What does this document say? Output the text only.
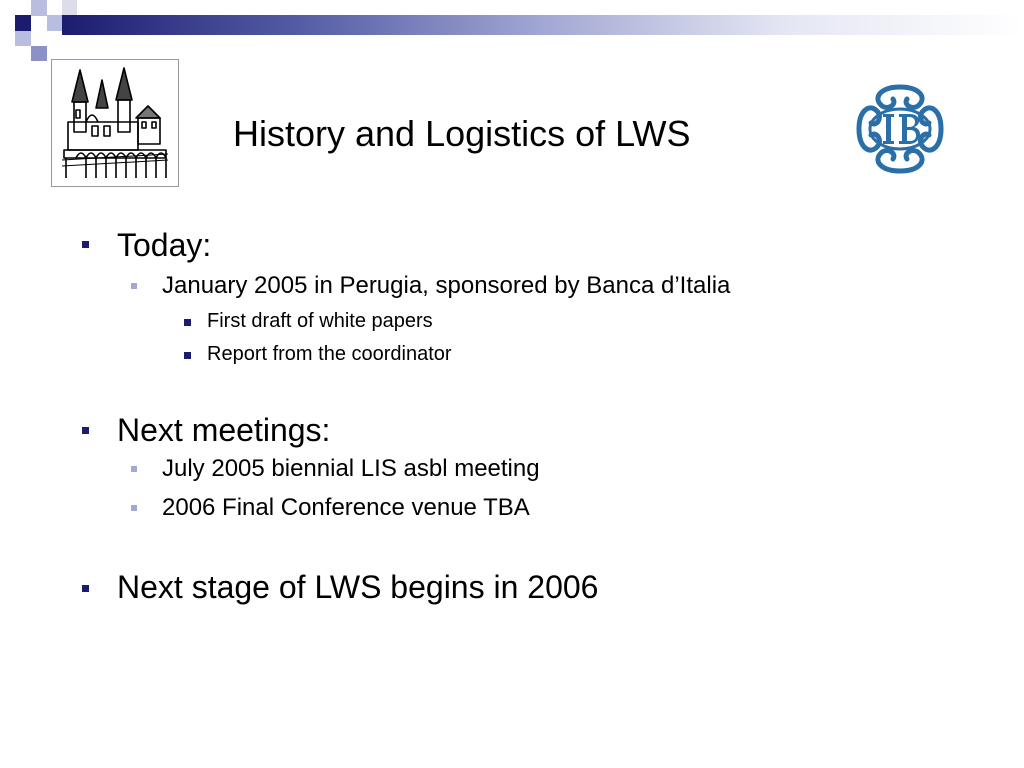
History and Logistics of LWS
Today:
January 2005 in Perugia, sponsored by Banca d’Italia
First draft of white papers
Report from the coordinator
Next meetings:
July 2005 biennial LIS asbl meeting
2006 Final Conference venue TBA
Next stage of LWS begins in 2006
